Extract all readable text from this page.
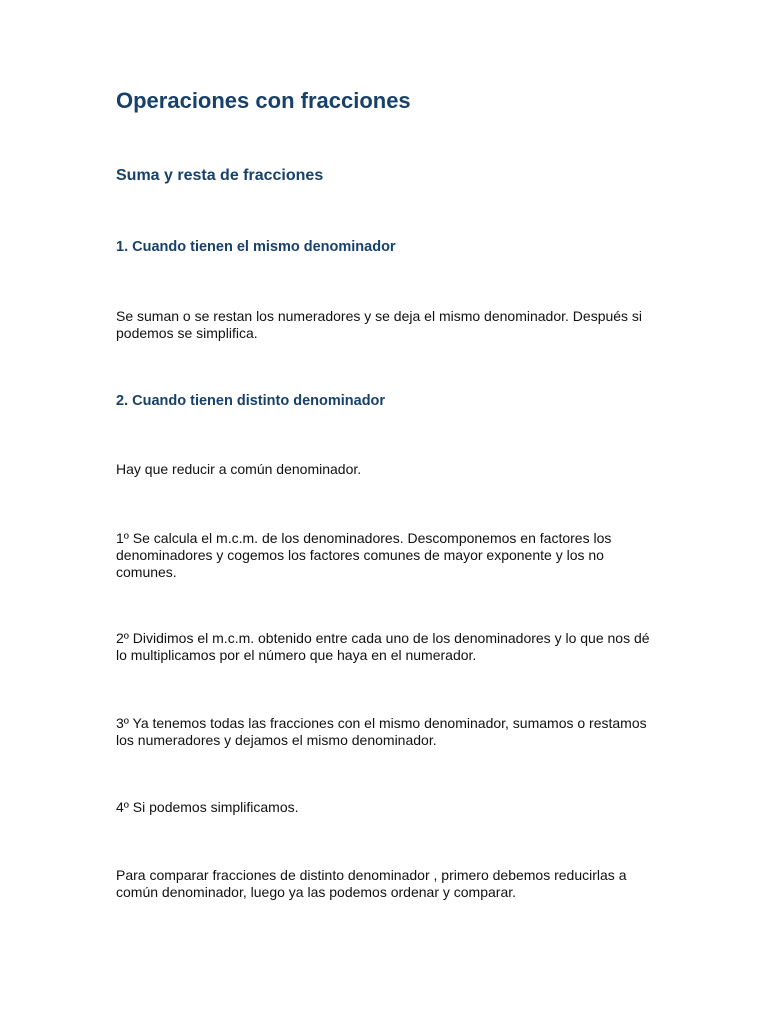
Operaciones con fracciones
Suma y resta de fracciones
1. Cuando tienen el mismo denominador

Se suman o se restan los numeradores y se deja el mismo denominador. Después si podemos se simplifica.

2. Cuando tienen distinto denominador

Hay que reducir a común denominador.

1º Se calcula el m.c.m. de los denominadores. Descomponemos en factores los denominadores y cogemos los factores comunes de mayor exponente y los no comunes.

2º Dividimos el m.c.m. obtenido entre cada uno de los denominadores y lo que nos dé lo multiplicamos por el número que haya en el numerador.

3º Ya tenemos todas las fracciones con el mismo denominador, sumamos o restamos los numeradores y dejamos el mismo denominador.

4º Si podemos simplificamos.

Para comparar fracciones de distinto denominador , primero debemos reducirlas a común denominador, luego ya las podemos ordenar y comparar.
